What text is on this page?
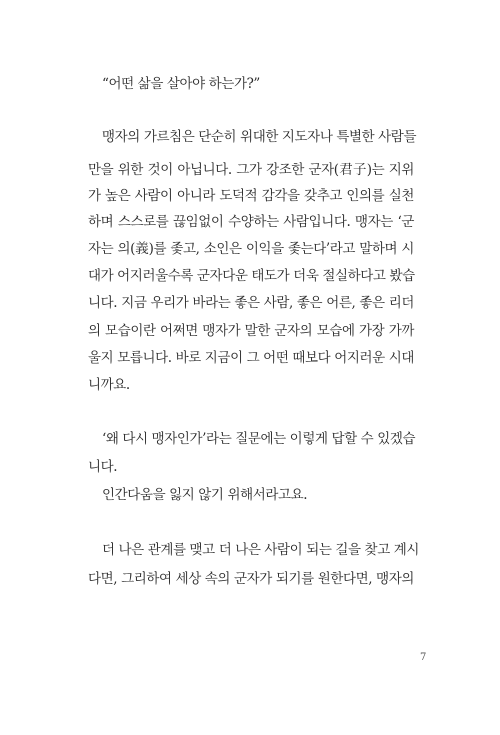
“어떤 삶을 살아야 하는가?”
맹자의 가르침은 단순히 위대한 지도자나 특별한 사람들
만을 위한 것이 아닙니다. 그가 강조한 군자(君子)는 지위
가 높은 사람이 아니라 도덕적 감각을 갖추고 인의를 실천
하며 스스로를 끊임없이 수양하는 사람입니다. 맹자는 ‘군
자는 의(義)를 좇고, 소인은 이익을 좇는다’라고 말하며 시
대가 어지러울수록 군자다운 태도가 더욱 절실하다고 봤습
니다. 지금 우리가 바라는 좋은 사람, 좋은 어른, 좋은 리더
의 모습이란 어쩌면 맹자가 말한 군자의 모습에 가장 가까
울지 모릅니다. 바로 지금이 그 어떤 때보다 어지러운 시대
니까요.
‘왜 다시 맹자인가’라는 질문에는 이렇게 답할 수 있겠습
니다.
인간다움을 잃지 않기 위해서라고요.
더 나은 관계를 맺고 더 나은 사람이 되는 길을 찾고 계시
다면, 그리하여 세상 속의 군자가 되기를 원한다면, 맹자의
7
